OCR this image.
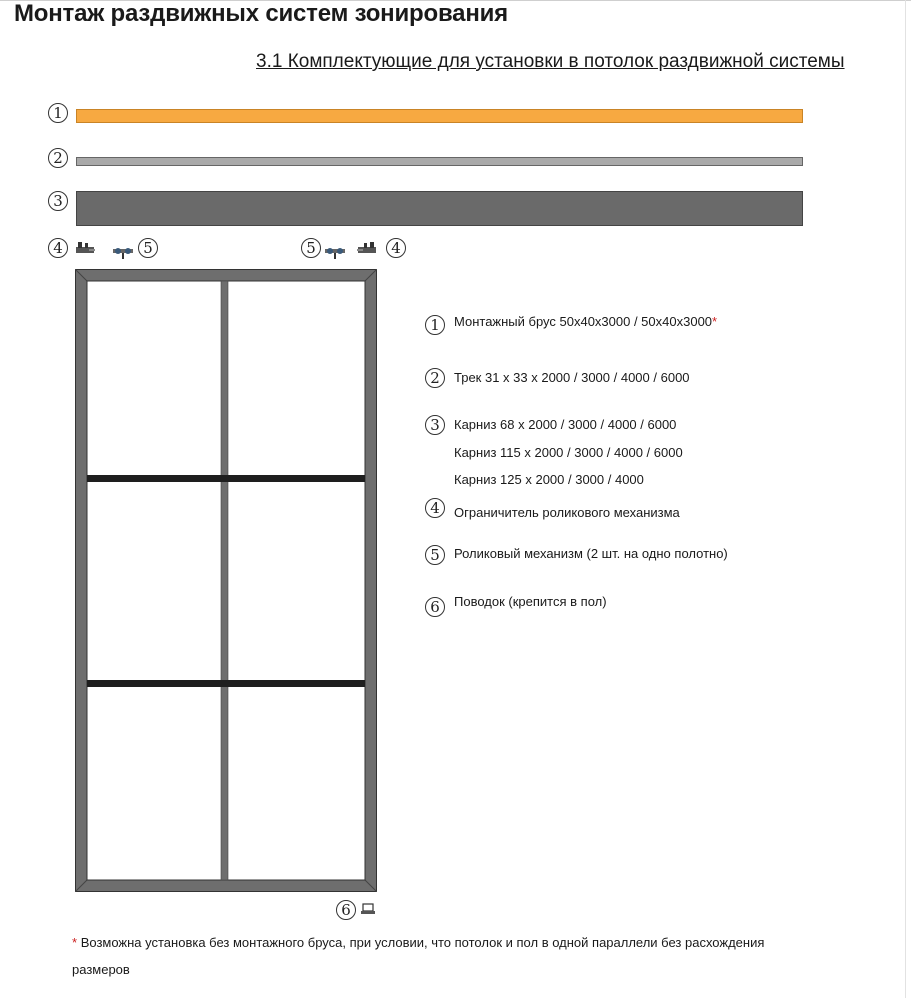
Монтаж раздвижных систем зонирования
3.1 Комплектующие для установки в потолок раздвижной системы
1
2
3
4	5	5	4
6
1	Монтажный брус 50х40х3000 / 50х40х3000*
2	Трек 31 х 33 х 2000 / 3000 / 4000 / 6000
3	Карниз 68 х 2000 / 3000 / 4000 / 6000
Карниз 115 х 2000 / 3000 / 4000 / 6000
Карниз 125 х 2000 / 3000 / 4000
4	Ограничитель роликового механизма
5	Роликовый механизм (2 шт. на одно полотно)
6	Поводок (крепится в пол)
* Возможна установка без монтажного бруса, при условии, что потолок и пол в одной параллели без расхождения размеров
